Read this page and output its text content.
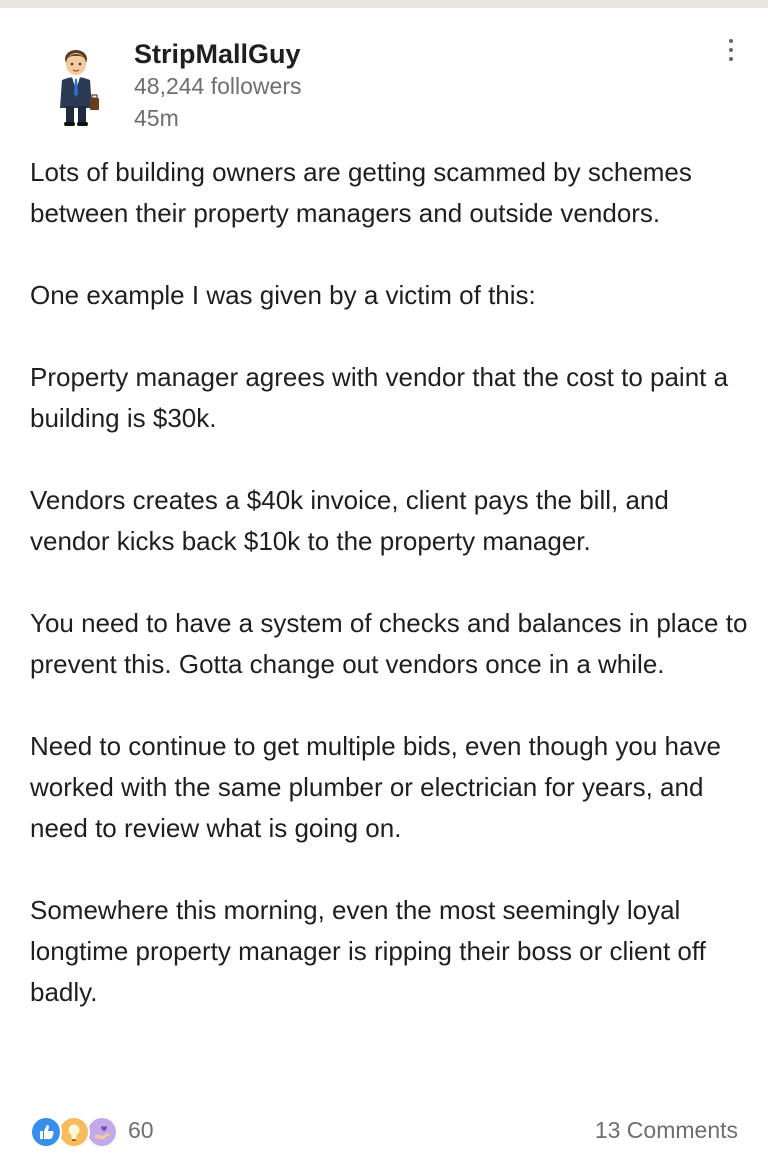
StripMallGuy
48,244 followers
45m

Lots of building owners are getting scammed by schemes between their property managers and outside vendors.

One example I was given by a victim of this:

Property manager agrees with vendor that the cost to paint a building is $30k.

Vendors creates a $40k invoice, client pays the bill, and vendor kicks back $10k to the property manager.

You need to have a system of checks and balances in place to prevent this. Gotta change out vendors once in a while.

Need to continue to get multiple bids, even though you have worked with the same plumber or electrician for years, and need to review what is going on.

Somewhere this morning, even the most seemingly loyal longtime property manager is ripping their boss or client off badly.

60	13 Comments
